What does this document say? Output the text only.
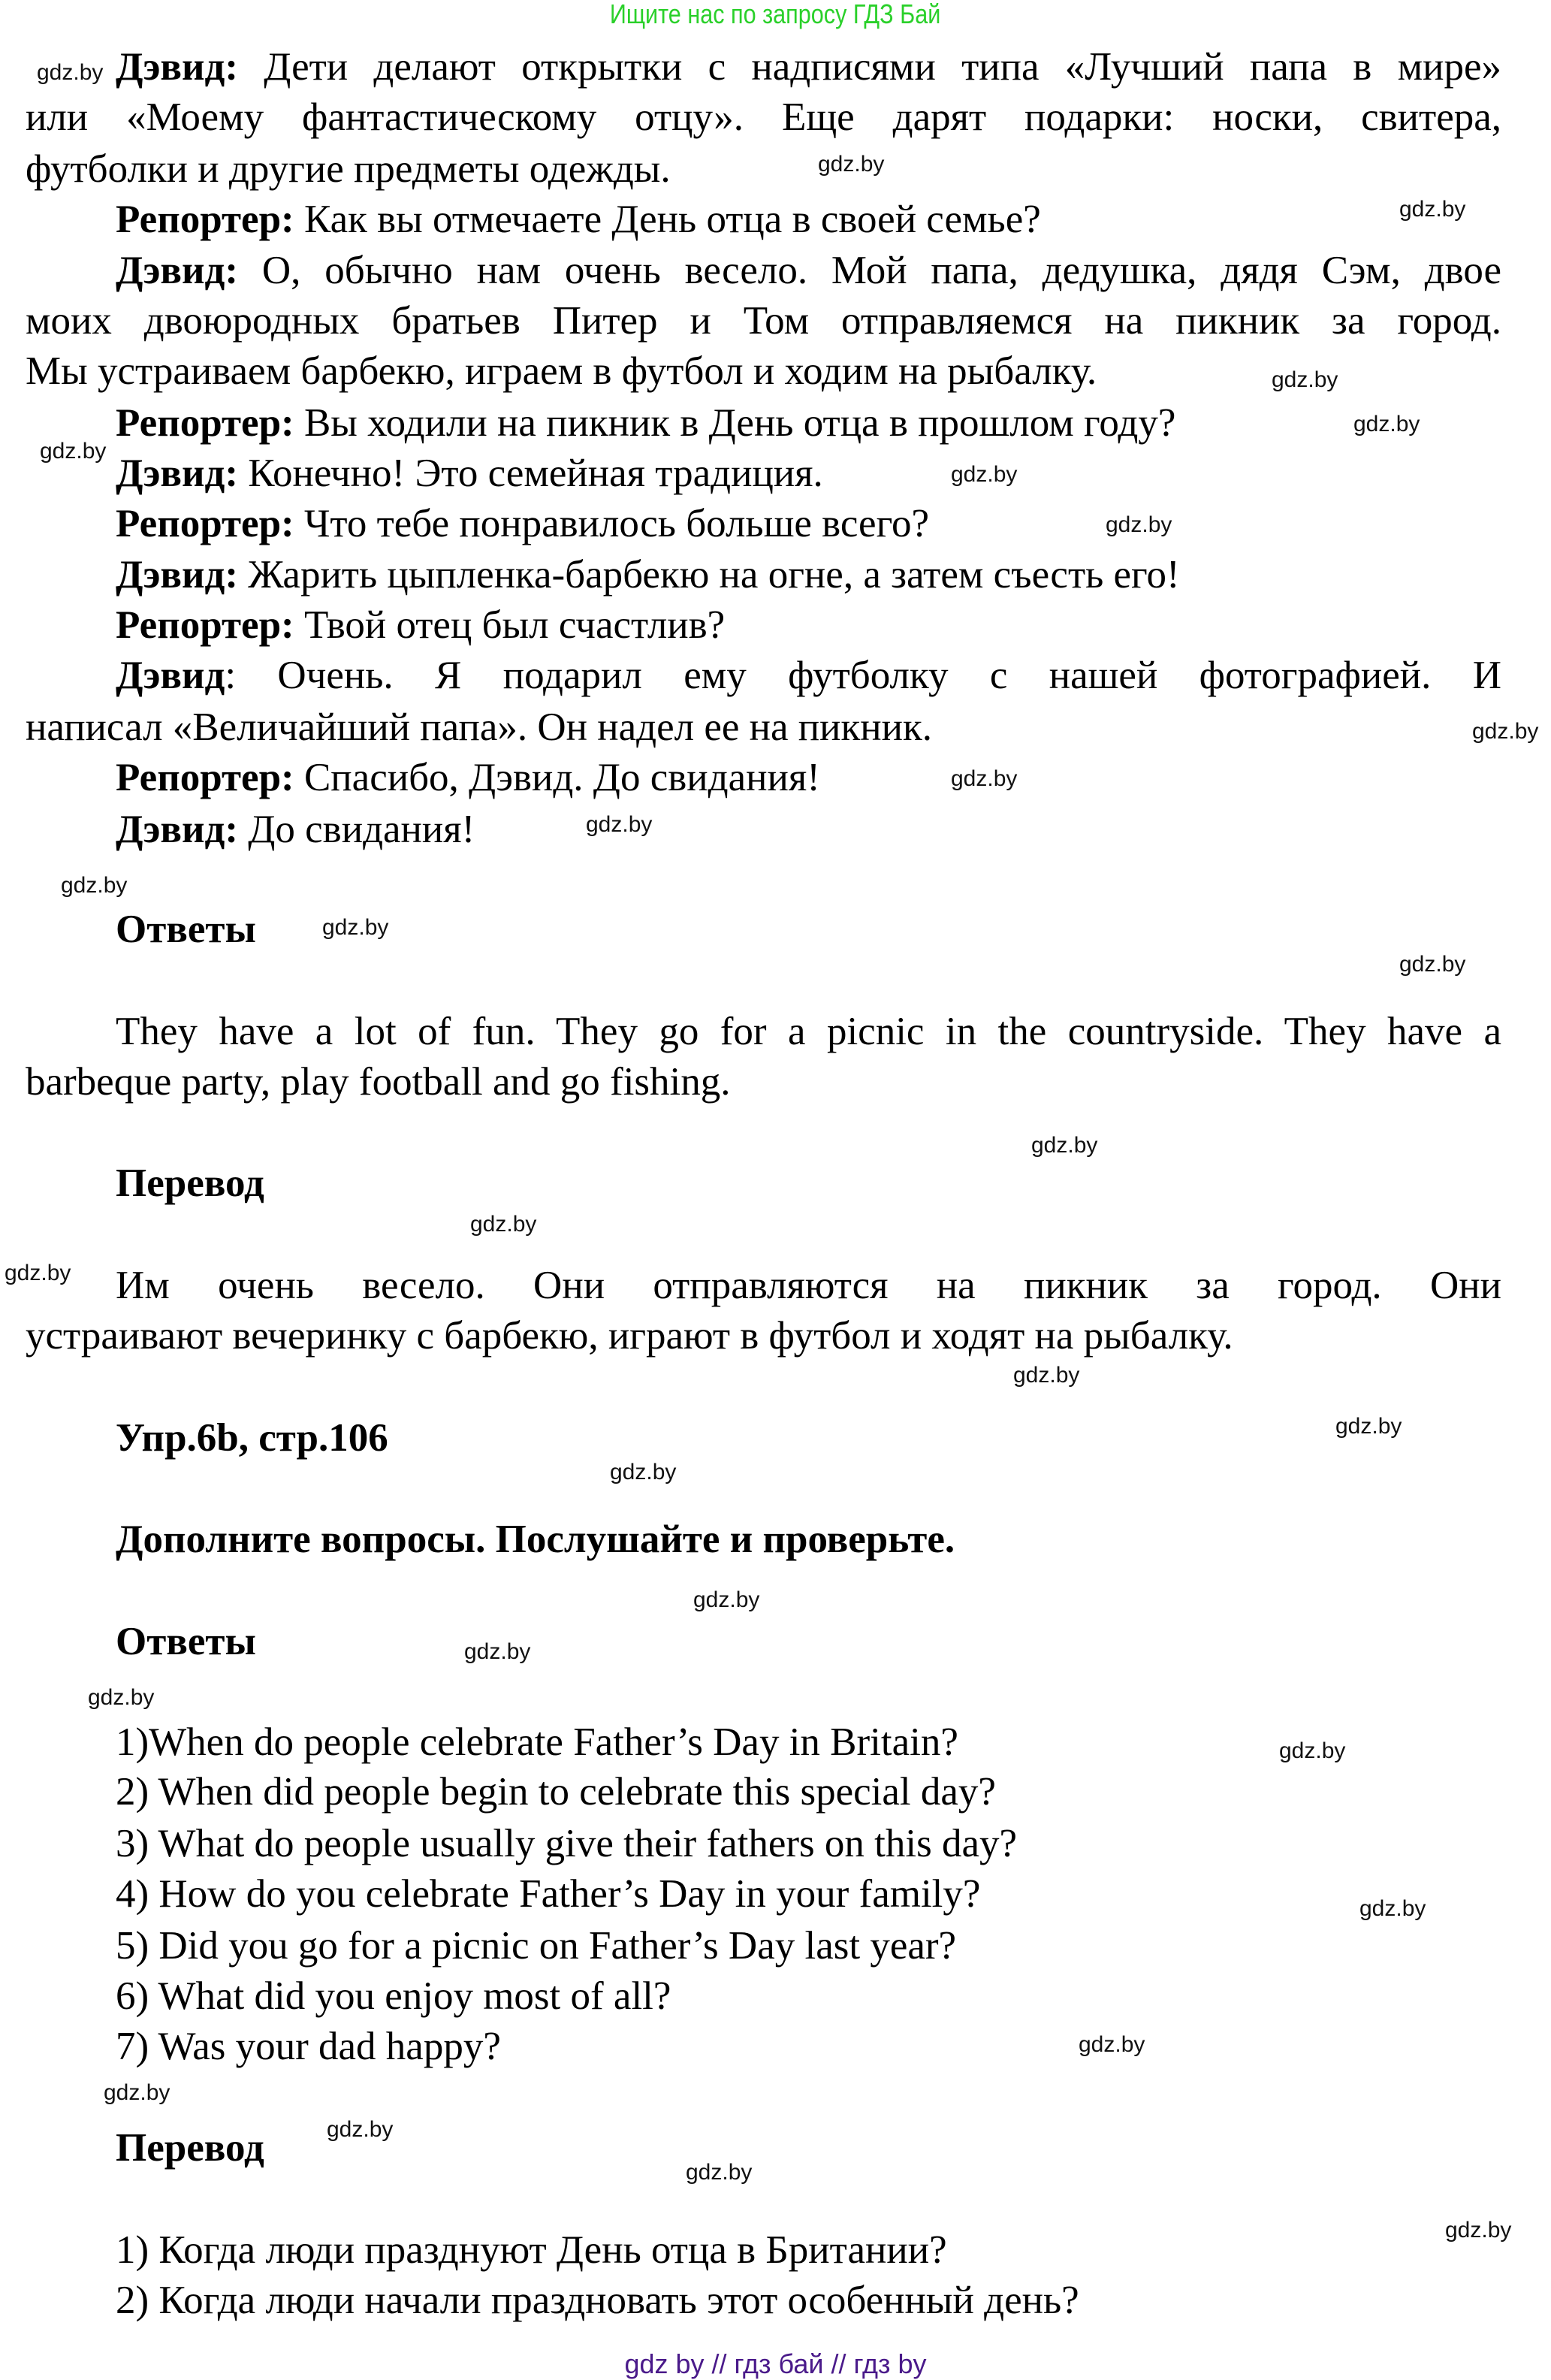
Ищите нас по запросу ГДЗ Бай
Дэвид: Дети делают открытки с надписями типа «Лучший папа в мире»
или «Моему фантастическому отцу». Еще дарят подарки: носки, свитера,
футболки и другие предметы одежды.
Репортер: Как вы отмечаете День отца в своей семье?
Дэвид: О, обычно нам очень весело. Мой папа, дедушка, дядя Сэм, двое
моих двоюродных братьев Питер и Том отправляемся на пикник за город.
Мы устраиваем барбекю, играем в футбол и ходим на рыбалку.
Репортер: Вы ходили на пикник в День отца в прошлом году?
Дэвид: Конечно! Это семейная традиция.
Репортер: Что тебе понравилось больше всего?
Дэвид: Жарить цыпленка-барбекю на огне, а затем съесть его!
Репортер: Твой отец был счастлив?
Дэвид: Очень. Я подарил ему футболку с нашей фотографией. И
написал «Величайший папа». Он надел ее на пикник.
Репортер: Спасибо, Дэвид. До свидания!
Дэвид: До свидания!
Ответы
They have a lot of fun. They go for a picnic in the countryside. They have a
barbeque party, play football and go fishing.
Перевод
Им очень весело. Они отправляются на пикник за город. Они
устраивают вечеринку с барбекю, играют в футбол и ходят на рыбалку.
Упр.6b, стр.106
Дополните вопросы. Послушайте и проверьте.
Ответы
1)When do people celebrate Father’s Day in Britain?
2) When did people begin to celebrate this special day?
3) What do people usually give their fathers on this day?
4) How do you celebrate Father’s Day in your family?
5) Did you go for a picnic on Father’s Day last year?
6) What did you enjoy most of all?
7) Was your dad happy?
Перевод
1) Когда люди празднуют День отца в Британии?
2) Когда люди начали праздновать этот особенный день?
gdz.by
gdz.by
gdz.by
gdz.by
gdz.by
gdz.by
gdz.by
gdz.by
gdz.by
gdz.by
gdz.by
gdz.by
gdz.by
gdz.by
gdz.by
gdz.by
gdz.by
gdz.by
gdz.by
gdz.by
gdz.by
gdz.by
gdz.by
gdz.by
gdz.by
gdz.by
gdz.by
gdz.by
gdz.by
gdz.by
gdz by // гдз бай // гдз by
